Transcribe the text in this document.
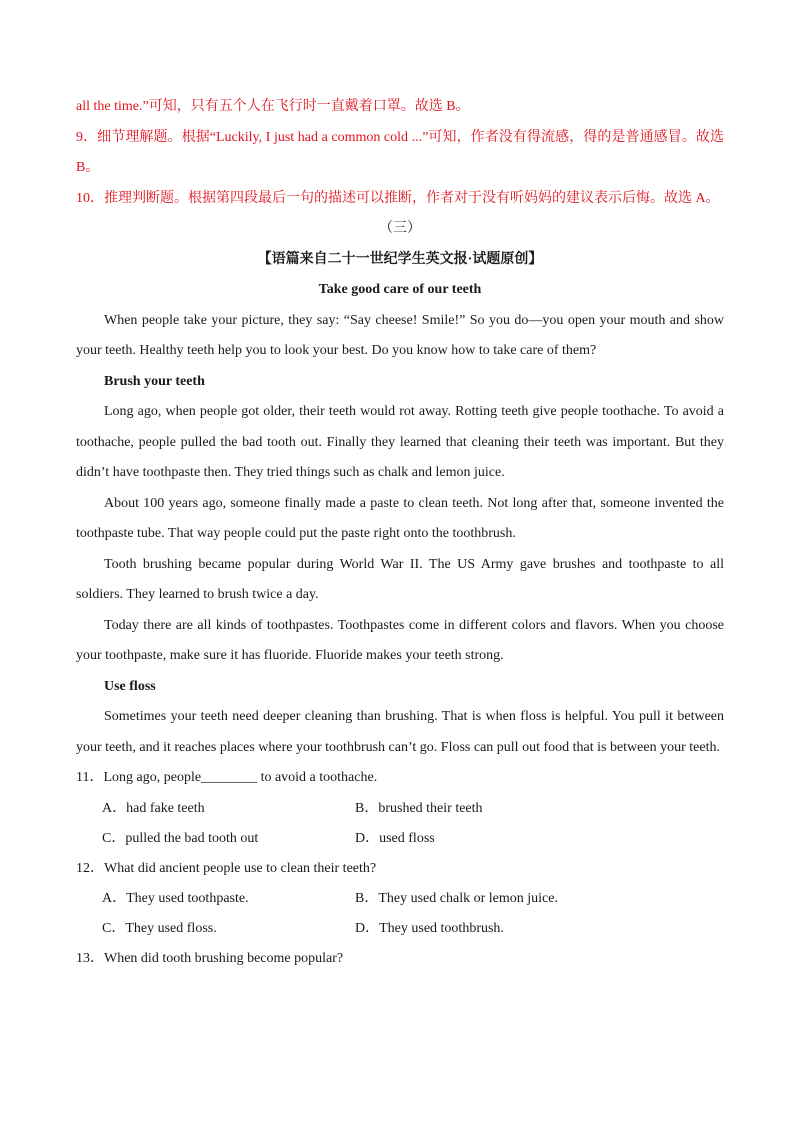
all the time.”可知，只有五个人在飞行时一直戴着口罩。故选 B。
9．细节理解题。根据“Luckily, I just had a common cold ...”可知，作者没有得流感，得的是普通感冒。故选 B。
10．推理判断题。根据第四段最后一句的描述可以推断，作者对于没有听妈妈的建议表示后悔。故选 A。
（三）
【语篇来自二十一世纪学生英文报·试题原创】
Take good care of our teeth
When people take your picture, they say: “Say cheese! Smile!” So you do—you open your mouth and show your teeth. Healthy teeth help you to look your best. Do you know how to take care of them?
Brush your teeth
Long ago, when people got older, their teeth would rot away. Rotting teeth give people toothache. To avoid a toothache, people pulled the bad tooth out. Finally they learned that cleaning their teeth was important. But they didn’t have toothpaste then. They tried things such as chalk and lemon juice.
About 100 years ago, someone finally made a paste to clean teeth. Not long after that, someone invented the toothpaste tube. That way people could put the paste right onto the toothbrush.
Tooth brushing became popular during World War II. The US Army gave brushes and toothpaste to all soldiers. They learned to brush twice a day.
Today there are all kinds of toothpastes. Toothpastes come in different colors and flavors. When you choose your toothpaste, make sure it has fluoride. Fluoride makes your teeth strong.
Use floss
Sometimes your teeth need deeper cleaning than brushing. That is when floss is helpful. You pull it between your teeth, and it reaches places where your toothbrush can’t go. Floss can pull out food that is between your teeth.
11．Long ago, people________ to avoid a toothache.
A．had fake teeth	B．brushed their teeth
C．pulled the bad tooth out	D．used floss
12．What did ancient people use to clean their teeth?
A．They used toothpaste.	B．They used chalk or lemon juice.
C．They used floss.	D．They used toothbrush.
13．When did tooth brushing become popular?
